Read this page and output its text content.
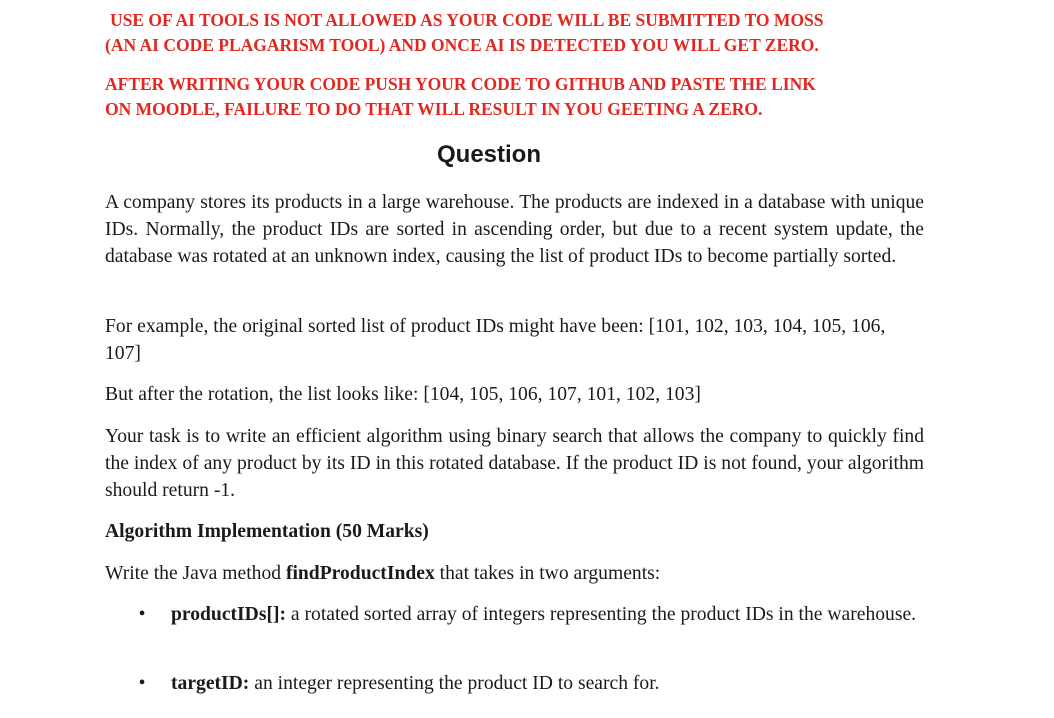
USE OF AI TOOLS IS NOT ALLOWED AS YOUR CODE WILL BE SUBMITTED TO MOSS
(AN AI CODE PLAGARISM TOOL) AND ONCE AI IS DETECTED YOU WILL GET ZERO.
AFTER WRITING YOUR CODE PUSH YOUR CODE TO GITHUB AND PASTE THE LINK
ON MOODLE, FAILURE TO DO THAT WILL RESULT IN YOU GEETING A ZERO.
Question

A company stores its products in a large warehouse. The products are indexed in a database with unique IDs. Normally, the product IDs are sorted in ascending order, but due to a recent system update, the database was rotated at an unknown index, causing the list of product IDs to become partially sorted.

For example, the original sorted list of product IDs might have been: [101, 102, 103, 104, 105, 106, 107]

But after the rotation, the list looks like: [104, 105, 106, 107, 101, 102, 103]

Your task is to write an efficient algorithm using binary search that allows the company to quickly find the index of any product by its ID in this rotated database. If the product ID is not found, your algorithm should return -1.

Algorithm Implementation (50 Marks)

Write the Java method findProductIndex that takes in two arguments:

• productIDs[]: a rotated sorted array of integers representing the product IDs in the warehouse.
• targetID: an integer representing the product ID to search for.
